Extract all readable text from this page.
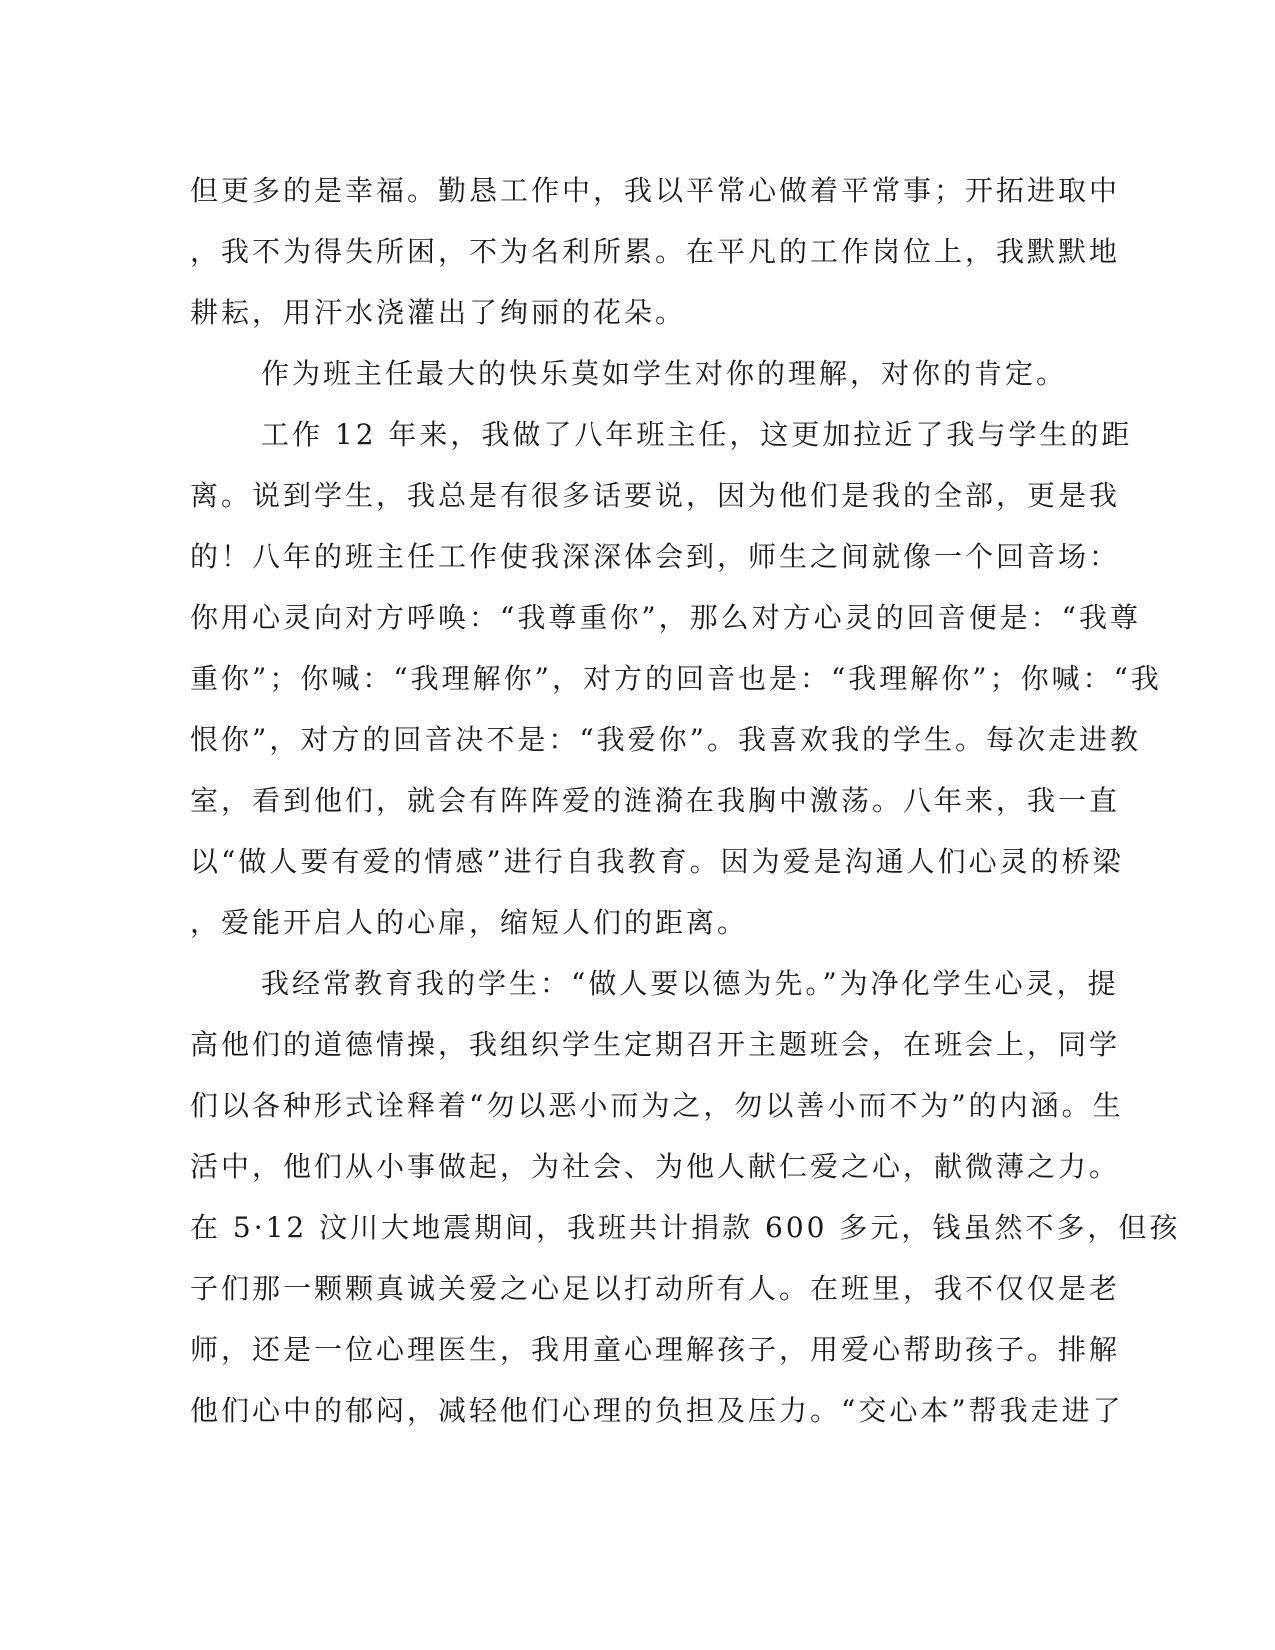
但更多的是幸福。勤恳工作中，我以平常心做着平常事；开拓进取中
，我不为得失所困，不为名利所累。在平凡的工作岗位上，我默默地
耕耘，用汗水浇灌出了绚丽的花朵。
作为班主任最大的快乐莫如学生对你的理解，对你的肯定。
工作 12 年来，我做了八年班主任，这更加拉近了我与学生的距
离。说到学生，我总是有很多话要说，因为他们是我的全部，更是我
的！八年的班主任工作使我深深体会到，师生之间就像一个回音场：
你用心灵向对方呼唤：“我尊重你”，那么对方心灵的回音便是：“我尊
重你”；你喊：“我理解你”，对方的回音也是：“我理解你”；你喊：“我
恨你”，对方的回音决不是：“我爱你”。我喜欢我的学生。每次走进教
室，看到他们，就会有阵阵爱的涟漪在我胸中激荡。八年来，我一直
以“做人要有爱的情感”进行自我教育。因为爱是沟通人们心灵的桥梁
，爱能开启人的心扉，缩短人们的距离。
我经常教育我的学生：“做人要以德为先。”为净化学生心灵，提
高他们的道德情操，我组织学生定期召开主题班会，在班会上，同学
们以各种形式诠释着“勿以恶小而为之，勿以善小而不为”的内涵。生
活中，他们从小事做起，为社会、为他人献仁爱之心，献微薄之力。
在 5·12 汶川大地震期间，我班共计捐款 600 多元，钱虽然不多，但孩
子们那一颗颗真诚关爱之心足以打动所有人。在班里，我不仅仅是老
师，还是一位心理医生，我用童心理解孩子，用爱心帮助孩子。排解
他们心中的郁闷，减轻他们心理的负担及压力。“交心本”帮我走进了
